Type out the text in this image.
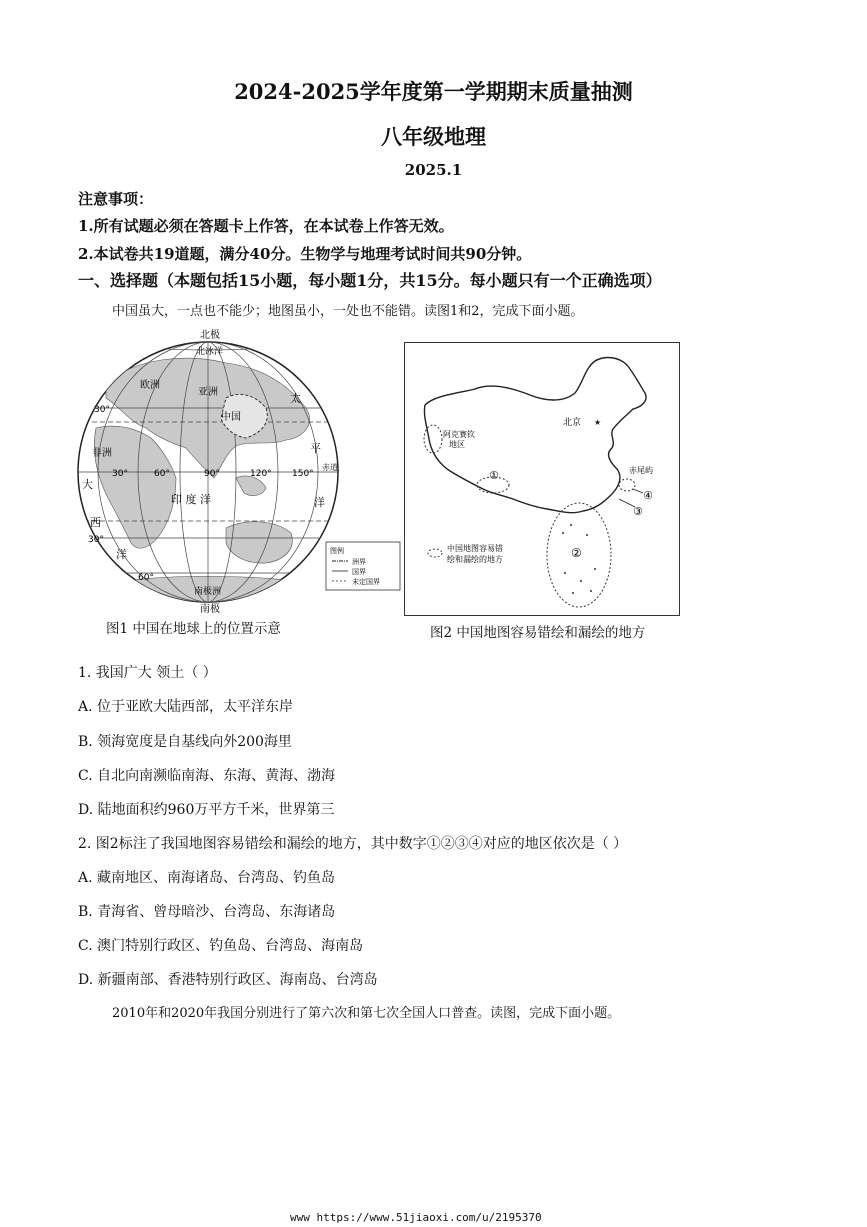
2024-2025学年度第一学期期末质量抽测
八年级地理
2025.1
注意事项：
1.所有试题必须在答题卡上作答，在本试卷上作答无效。
2.本试卷共19道题，满分40分。生物学与地理考试时间共90分钟。
一、选择题（本题包括15小题，每小题1分，共15分。每小题只有一个正确选项）
中国虽大，一点也不能少；地图虽小，一处也不能错。读图1和2，完成下面小题。
北极
北冰洋
欧洲
亚洲
中国
太
平
洋
赤道
非洲
大
西
洋
印 度 洋
南极洲
南极
30°
30°
60°
30°	60°	90°	120° 150°
图例
洲界
国界
未定国界
图1 中国在地球上的位置示意
★
北京
阿克赛钦
地区
①	赤尾屿
④
③
②
中国地图容易错
绘和漏绘的地方
图2 中国地图容易错绘和漏绘的地方
1. 我国广大 领土（ ）
A. 位于亚欧大陆西部，太平洋东岸
B. 领海宽度是自基线向外200海里
C. 自北向南濒临南海、东海、黄海、渤海
D. 陆地面积约960万平方千米，世界第三
2. 图2标注了我国地图容易错绘和漏绘的地方，其中数字①②③④对应的地区依次是（ ）
A. 藏南地区、南海诸岛、台湾岛、钓鱼岛
B. 青海省、曾母暗沙、台湾岛、东海诸岛
C. 澳门特别行政区、钓鱼岛、台湾岛、海南岛
D. 新疆南部、香港特别行政区、海南岛、台湾岛
2010年和2020年我国分别进行了第六次和第七次全国人口普查。读图，完成下面小题。
www https://www.51jiaoxi.com/u/2195370
